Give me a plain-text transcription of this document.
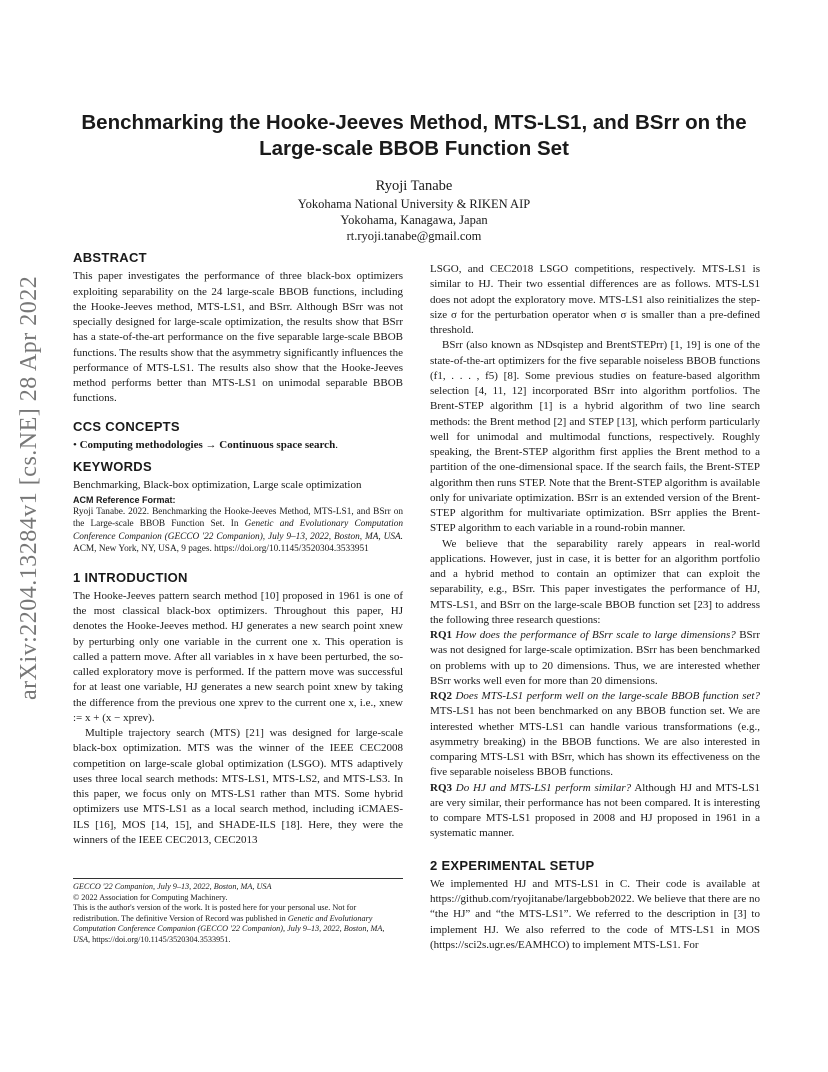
arXiv:2204.13284v1 [cs.NE] 28 Apr 2022
Benchmarking the Hooke-Jeeves Method, MTS-LS1, and BSrr on the Large-scale BBOB Function Set
Ryoji Tanabe
Yokohama National University & RIKEN AIP
Yokohama, Kanagawa, Japan
rt.ryoji.tanabe@gmail.com
ABSTRACT

This paper investigates the performance of three black-box optimizers exploiting separability on the 24 large-scale BBOB functions, including the Hooke-Jeeves method, MTS-LS1, and BSrr. Although BSrr was not specially designed for large-scale optimization, the results show that BSrr has a state-of-the-art performance on the five separable large-scale BBOB functions. The results show that the asymmetry significantly influences the performance of MTS-LS1. The results also show that the Hooke-Jeeves method performs better than MTS-LS1 on unimodal separable BBOB functions.

CCS CONCEPTS

• Computing methodologies → Continuous space search.

KEYWORDS

Benchmarking, Black-box optimization, Large scale optimization

ACM Reference Format:

Ryoji Tanabe. 2022. Benchmarking the Hooke-Jeeves Method, MTS-LS1, and BSrr on the Large-scale BBOB Function Set. In Genetic and Evolutionary Computation Conference Companion (GECCO '22 Companion), July 9–13, 2022, Boston, MA, USA. ACM, New York, NY, USA, 9 pages. https://doi.org/10.1145/3520304.3533951

1 INTRODUCTION

The Hooke-Jeeves pattern search method [10] proposed in 1961 is one of the most classical black-box optimizers. Throughout this paper, HJ denotes the Hooke-Jeeves method. HJ generates a new search point xnew by perturbing only one variable in the current one x. This operation is called a pattern move. After all variables in x have been perturbed, the so-called exploratory move is performed. If the pattern move was successful for at least one variable, HJ generates a new search point xnew by taking the difference from the previous one xprev to the current one x, i.e., xnew := x + (x − xprev).

Multiple trajectory search (MTS) [21] was designed for large-scale black-box optimization. MTS was the winner of the IEEE CEC2008 competition on large-scale global optimization (LSGO). MTS adaptively uses three local search methods: MTS-LS1, MTS-LS2, and MTS-LS3. In this paper, we focus only on MTS-LS1 rather than MTS. Some hybrid optimizers use MTS-LS1 as a local search method, including iCMAES-ILS [16], MOS [14, 15], and SHADE-ILS [18]. Here, they were the winners of the IEEE CEC2013, CEC2013

GECCO '22 Companion, July 9–13, 2022, Boston, MA, USA

© 2022 Association for Computing Machinery.

This is the author's version of the work. It is posted here for your personal use. Not for redistribution. The definitive Version of Record was published in Genetic and Evolutionary Computation Conference Companion (GECCO '22 Companion), July 9–13, 2022, Boston, MA, USA, https://doi.org/10.1145/3520304.3533951.

LSGO, and CEC2018 LSGO competitions, respectively. MTS-LS1 is similar to HJ. Their two essential differences are as follows. MTS-LS1 does not adopt the exploratory move. MTS-LS1 also reinitializes the step-size σ for the perturbation operator when σ is smaller than a pre-defined threshold.

BSrr (also known as NDsqistep and BrentSTEPrr) [1, 19] is one of the state-of-the-art optimizers for the five separable noiseless BBOB functions (f1, . . . , f5) [8]. Some previous studies on feature-based algorithm selection [4, 11, 12] incorporated BSrr into algorithm portfolios. The Brent-STEP algorithm [1] is a hybrid algorithm of two line search methods: the Brent method [2] and STEP [13], which perform particularly well for unimodal and multimodal functions, respectively. Roughly speaking, the Brent-STEP algorithm first applies the Brent method to a partition of the one-dimensional space. If the search fails, the Brent-STEP algorithm then runs STEP. Note that the Brent-STEP algorithm is available only for univariate optimization. BSrr is an extended version of the Brent-STEP algorithm for multivariate optimization. BSrr applies the Brent-STEP algorithm to each variable in a round-robin manner.

We believe that the separability rarely appears in real-world applications. However, just in case, it is better for an algorithm portfolio and a hybrid method to contain an optimizer that can exploit the separability, e.g., BSrr. This paper investigates the performance of HJ, MTS-LS1, and BSrr on the large-scale BBOB function set [23] to address the following three research questions:

RQ1 How does the performance of BSrr scale to large dimensions? BSrr was not designed for large-scale optimization. BSrr has been benchmarked on problems with up to 20 dimensions. Thus, we are interested whether BSrr works well even for more than 20 dimensions.

RQ2 Does MTS-LS1 perform well on the large-scale BBOB function set? MTS-LS1 has not been benchmarked on any BBOB function set. We are interested whether MTS-LS1 can handle various transformations (e.g., asymmetry breaking) in the BBOB functions. We are also interested in comparing MTS-LS1 with BSrr, which has shown its effectiveness on the five separable noiseless BBOB functions.

RQ3 Do HJ and MTS-LS1 perform similar? Although HJ and MTS-LS1 are very similar, their performance has not been compared. It is interesting to compare MTS-LS1 proposed in 2008 and HJ proposed in 1961 in a systematic manner.

2 EXPERIMENTAL SETUP

We implemented HJ and MTS-LS1 in C. Their code is available at https://github.com/ryojitanabe/largebbob2022. We believe that there are no “the HJ” and “the MTS-LS1”. We referred to the description in [3] to implement HJ. We also referred to the code of MTS-LS1 in MOS (https://sci2s.ugr.es/EAMHCO) to implement MTS-LS1. For
